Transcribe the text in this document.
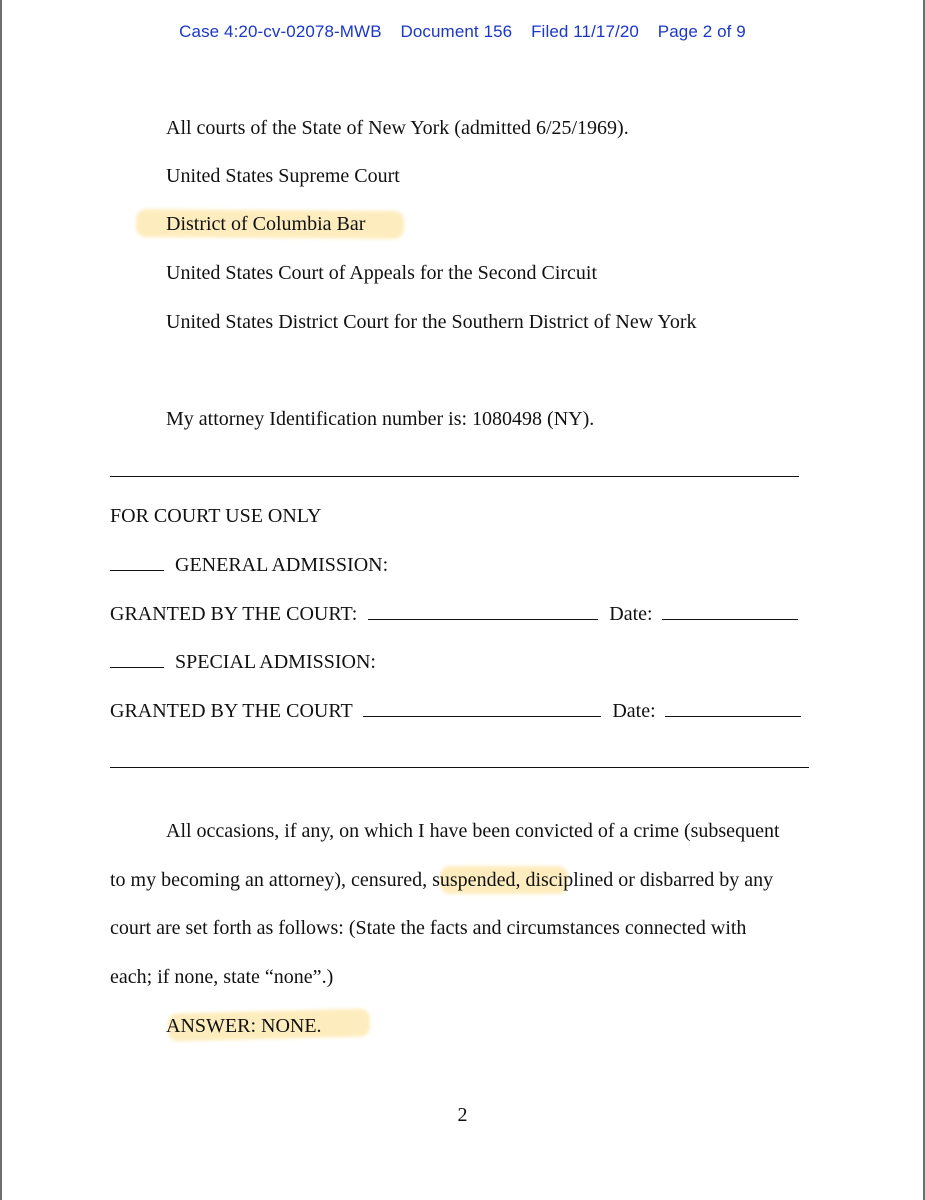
Case 4:20-cv-02078-MWB Document 156 Filed 11/17/20 Page 2 of 9
All courts of the State of New York (admitted 6/25/1969).
United States Supreme Court
District of Columbia Bar
United States Court of Appeals for the Second Circuit
United States District Court for the Southern District of New York
My attorney Identification number is: 1080498 (NY).
FOR COURT USE ONLY
GENERAL ADMISSION:
GRANTED BY THE COURT:	Date:
SPECIAL ADMISSION:
GRANTED BY THE COURT	Date:
All occasions, if any, on which I have been convicted of a crime (subsequent
to my becoming an attorney), censured, suspended, disciplined or disbarred by any
court are set forth as follows: (State the facts and circumstances connected with
each; if none, state “none”.)
ANSWER: NONE.
2
